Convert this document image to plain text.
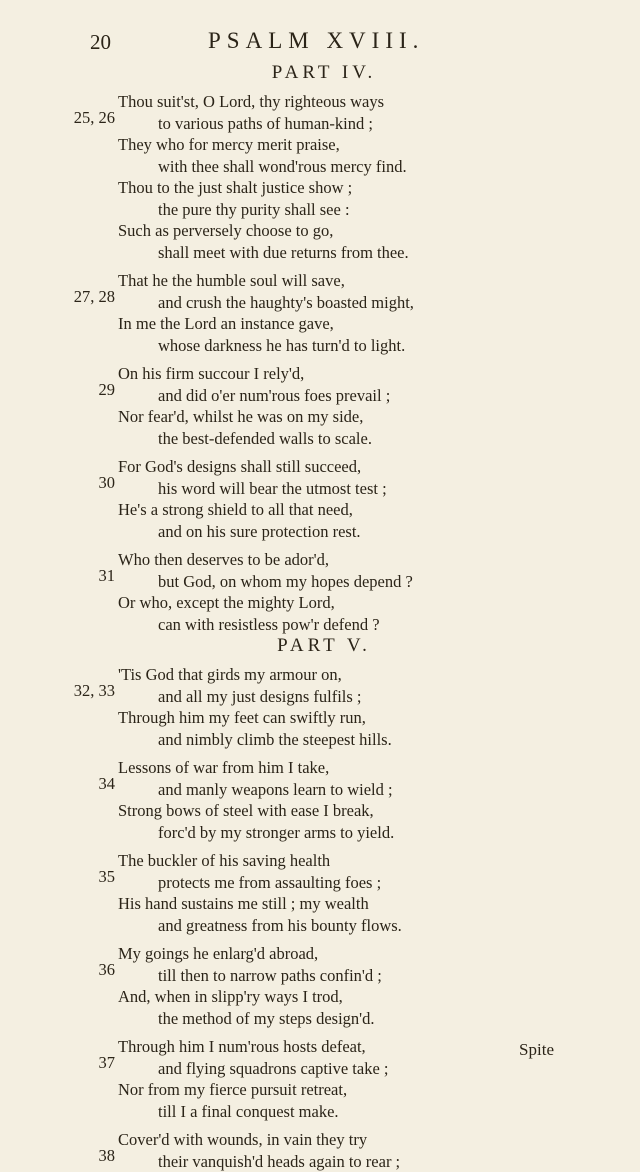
20	PSALM XVIII.
PART IV.
25, 26
Thou suit'st, O Lord, thy righteous ways
to various paths of human-kind ;
They who for mercy merit praise,
with thee shall wond'rous mercy find.
Thou to the just shalt justice show ;
the pure thy purity shall see :
Such as perversely choose to go,
shall meet with due returns from thee.
27, 28
That he the humble soul will save,
and crush the haughty's boasted might,
In me the Lord an instance gave,
whose darkness he has turn'd to light.
29
On his firm succour I rely'd,
and did o'er num'rous foes prevail ;
Nor fear'd, whilst he was on my side,
the best-defended walls to scale.
30
For God's designs shall still succeed,
his word will bear the utmost test ;
He's a strong shield to all that need,
and on his sure protection rest.
31
Who then deserves to be ador'd,
but God, on whom my hopes depend ?
Or who, except the mighty Lord,
can with resistless pow'r defend ?
PART V.
32, 33
'Tis God that girds my armour on,
and all my just designs fulfils ;
Through him my feet can swiftly run,
and nimbly climb the steepest hills.
34
Lessons of war from him I take,
and manly weapons learn to wield ;
Strong bows of steel with ease I break,
forc'd by my stronger arms to yield.
35
The buckler of his saving health
protects me from assaulting foes ;
His hand sustains me still ; my wealth
and greatness from his bounty flows.
36
My goings he enlarg'd abroad,
till then to narrow paths confin'd ;
And, when in slipp'ry ways I trod,
the method of my steps design'd.
37
Through him I num'rous hosts defeat,
and flying squadrons captive take ;
Nor from my fierce pursuit retreat,
till I a final conquest make.
38
Cover'd with wounds, in vain they try
their vanquish'd heads again to rear ;
Spite
